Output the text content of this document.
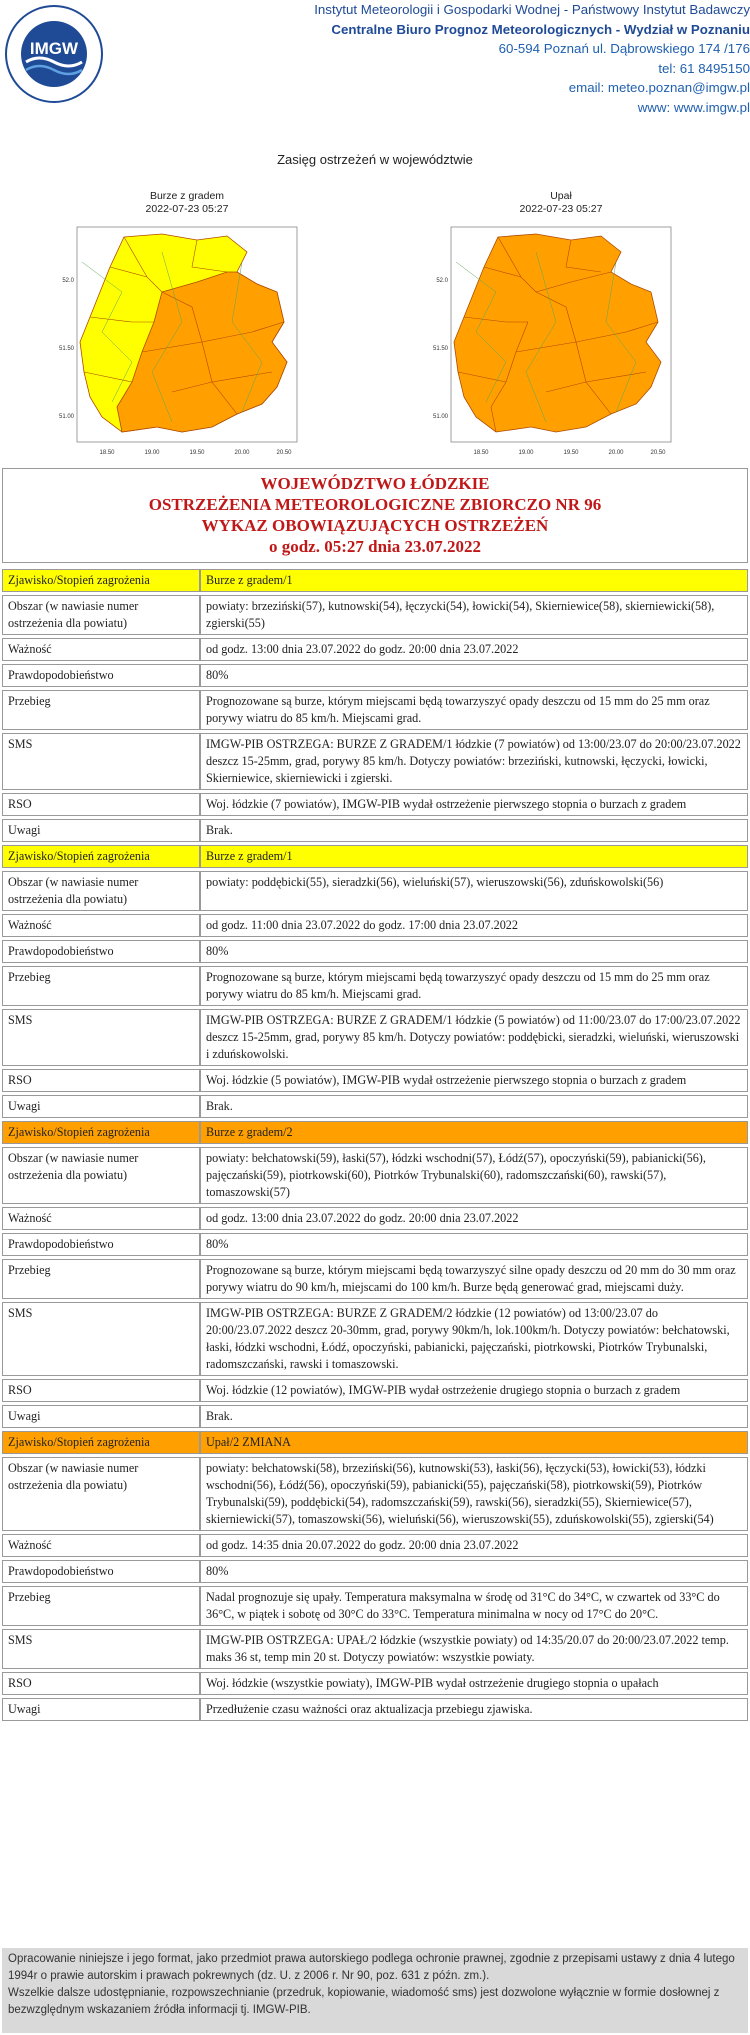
IMGW
Instytut Meteorologii i Gospodarki Wodnej - Państwowy Instytut Badawczy
Centralne Biuro Prognoz Meteorologicznych - Wydział w Poznaniu
60-594 Poznań ul. Dąbrowskiego 174 /176
tel: 61 8495150
email: meteo.poznan@imgw.pl
www: www.imgw.pl
Zasięg ostrzeżeń w województwie
Burze z gradem
2022-07-23 05:27
52.0
51.50
51.00
18.50	19.00	19.50	20.00	20.50
Upał
2022-07-23 05:27
52.0
51.50
51.00
18.50	19.00	19.50	20.00	20.50
WOJEWÓDZTWO ŁÓDZKIE
OSTRZEŻENIA METEOROLOGICZNE ZBIORCZO NR 96
WYKAZ OBOWIĄZUJĄCYCH OSTRZEŻEŃ
o godz. 05:27 dnia 23.07.2022
Zjawisko/Stopień zagrożenia	Burze z gradem/1
Obszar (w nawiasie numer ostrzeżenia dla powiatu)	powiaty: brzeziński(57), kutnowski(54), łęczycki(54), łowicki(54), Skierniewice(58), skierniewicki(58), zgierski(55)
Ważność	od godz. 13:00 dnia 23.07.2022 do godz. 20:00 dnia 23.07.2022
Prawdopodobieństwo	80%
Przebieg	Prognozowane są burze, którym miejscami będą towarzyszyć opady deszczu od 15 mm do 25 mm oraz porywy wiatru do 85 km/h. Miejscami grad.
SMS	IMGW-PIB OSTRZEGA: BURZE Z GRADEM/1 łódzkie (7 powiatów) od 13:00/23.07 do 20:00/23.07.2022 deszcz 15-25mm, grad, porywy 85 km/h. Dotyczy powiatów: brzeziński, kutnowski, łęczycki, łowicki, Skierniewice, skierniewicki i zgierski.
RSO	Woj. łódzkie (7 powiatów), IMGW-PIB wydał ostrzeżenie pierwszego stopnia o burzach z gradem
Uwagi	Brak.
Zjawisko/Stopień zagrożenia	Burze z gradem/1
Obszar (w nawiasie numer ostrzeżenia dla powiatu)	powiaty: poddębicki(55), sieradzki(56), wieluński(57), wieruszowski(56), zduńskowolski(56)
Ważność	od godz. 11:00 dnia 23.07.2022 do godz. 17:00 dnia 23.07.2022
Prawdopodobieństwo	80%
Przebieg	Prognozowane są burze, którym miejscami będą towarzyszyć opady deszczu od 15 mm do 25 mm oraz porywy wiatru do 85 km/h. Miejscami grad.
SMS	IMGW-PIB OSTRZEGA: BURZE Z GRADEM/1 łódzkie (5 powiatów) od 11:00/23.07 do 17:00/23.07.2022 deszcz 15-25mm, grad, porywy 85 km/h. Dotyczy powiatów: poddębicki, sieradzki, wieluński, wieruszowski i zduńskowolski.
RSO	Woj. łódzkie (5 powiatów), IMGW-PIB wydał ostrzeżenie pierwszego stopnia o burzach z gradem
Uwagi	Brak.
Zjawisko/Stopień zagrożenia	Burze z gradem/2
Obszar (w nawiasie numer ostrzeżenia dla powiatu)	powiaty: bełchatowski(59), łaski(57), łódzki wschodni(57), Łódź(57), opoczyński(59), pabianicki(56), pajęczański(59), piotrkowski(60), Piotrków Trybunalski(60), radomszczański(60), rawski(57), tomaszowski(57)
Ważność	od godz. 13:00 dnia 23.07.2022 do godz. 20:00 dnia 23.07.2022
Prawdopodobieństwo	80%
Przebieg	Prognozowane są burze, którym miejscami będą towarzyszyć silne opady deszczu od 20 mm do 30 mm oraz porywy wiatru do 90 km/h, miejscami do 100 km/h. Burze będą generować grad, miejscami duży.
SMS	IMGW-PIB OSTRZEGA: BURZE Z GRADEM/2 łódzkie (12 powiatów) od 13:00/23.07 do 20:00/23.07.2022 deszcz 20-30mm, grad, porywy 90km/h, lok.100km/h. Dotyczy powiatów: bełchatowski, łaski, łódzki wschodni, Łódź, opoczyński, pabianicki, pajęczański, piotrkowski, Piotrków Trybunalski, radomszczański, rawski i tomaszowski.
RSO	Woj. łódzkie (12 powiatów), IMGW-PIB wydał ostrzeżenie drugiego stopnia o burzach z gradem
Uwagi	Brak.
Zjawisko/Stopień zagrożenia	Upał/2 ZMIANA
Obszar (w nawiasie numer ostrzeżenia dla powiatu)	powiaty: bełchatowski(58), brzeziński(56), kutnowski(53), łaski(56), łęczycki(53), łowicki(53), łódzki wschodni(56), Łódź(56), opoczyński(59), pabianicki(55), pajęczański(58), piotrkowski(59), Piotrków Trybunalski(59), poddębicki(54), radomszczański(59), rawski(56), sieradzki(55), Skierniewice(57), skierniewicki(57), tomaszowski(56), wieluński(56), wieruszowski(55), zduńskowolski(55), zgierski(54)
Ważność	od godz. 14:35 dnia 20.07.2022 do godz. 20:00 dnia 23.07.2022
Prawdopodobieństwo	80%
Przebieg	Nadal prognozuje się upały. Temperatura maksymalna w środę od 31°C do 34°C, w czwartek od 33°C do 36°C, w piątek i sobotę od 30°C do 33°C. Temperatura minimalna w nocy od 17°C do 20°C.
SMS	IMGW-PIB OSTRZEGA: UPAŁ/2 łódzkie (wszystkie powiaty) od 14:35/20.07 do 20:00/23.07.2022 temp. maks 36 st, temp min 20 st. Dotyczy powiatów: wszystkie powiaty.
RSO	Woj. łódzkie (wszystkie powiaty), IMGW-PIB wydał ostrzeżenie drugiego stopnia o upałach
Uwagi	Przedłużenie czasu ważności oraz aktualizacja przebiegu zjawiska.
Opracowanie niniejsze i jego format, jako przedmiot prawa autorskiego podlega ochronie prawnej, zgodnie z przepisami ustawy z dnia 4 lutego 1994r o prawie autorskim i prawach pokrewnych (dz. U. z 2006 r. Nr 90, poz. 631 z późn. zm.).
Wszelkie dalsze udostępnianie, rozpowszechnianie (przedruk, kopiowanie, wiadomość sms) jest dozwolone wyłącznie w formie dosłownej z bezwzględnym wskazaniem źródła informacji tj. IMGW-PIB.
